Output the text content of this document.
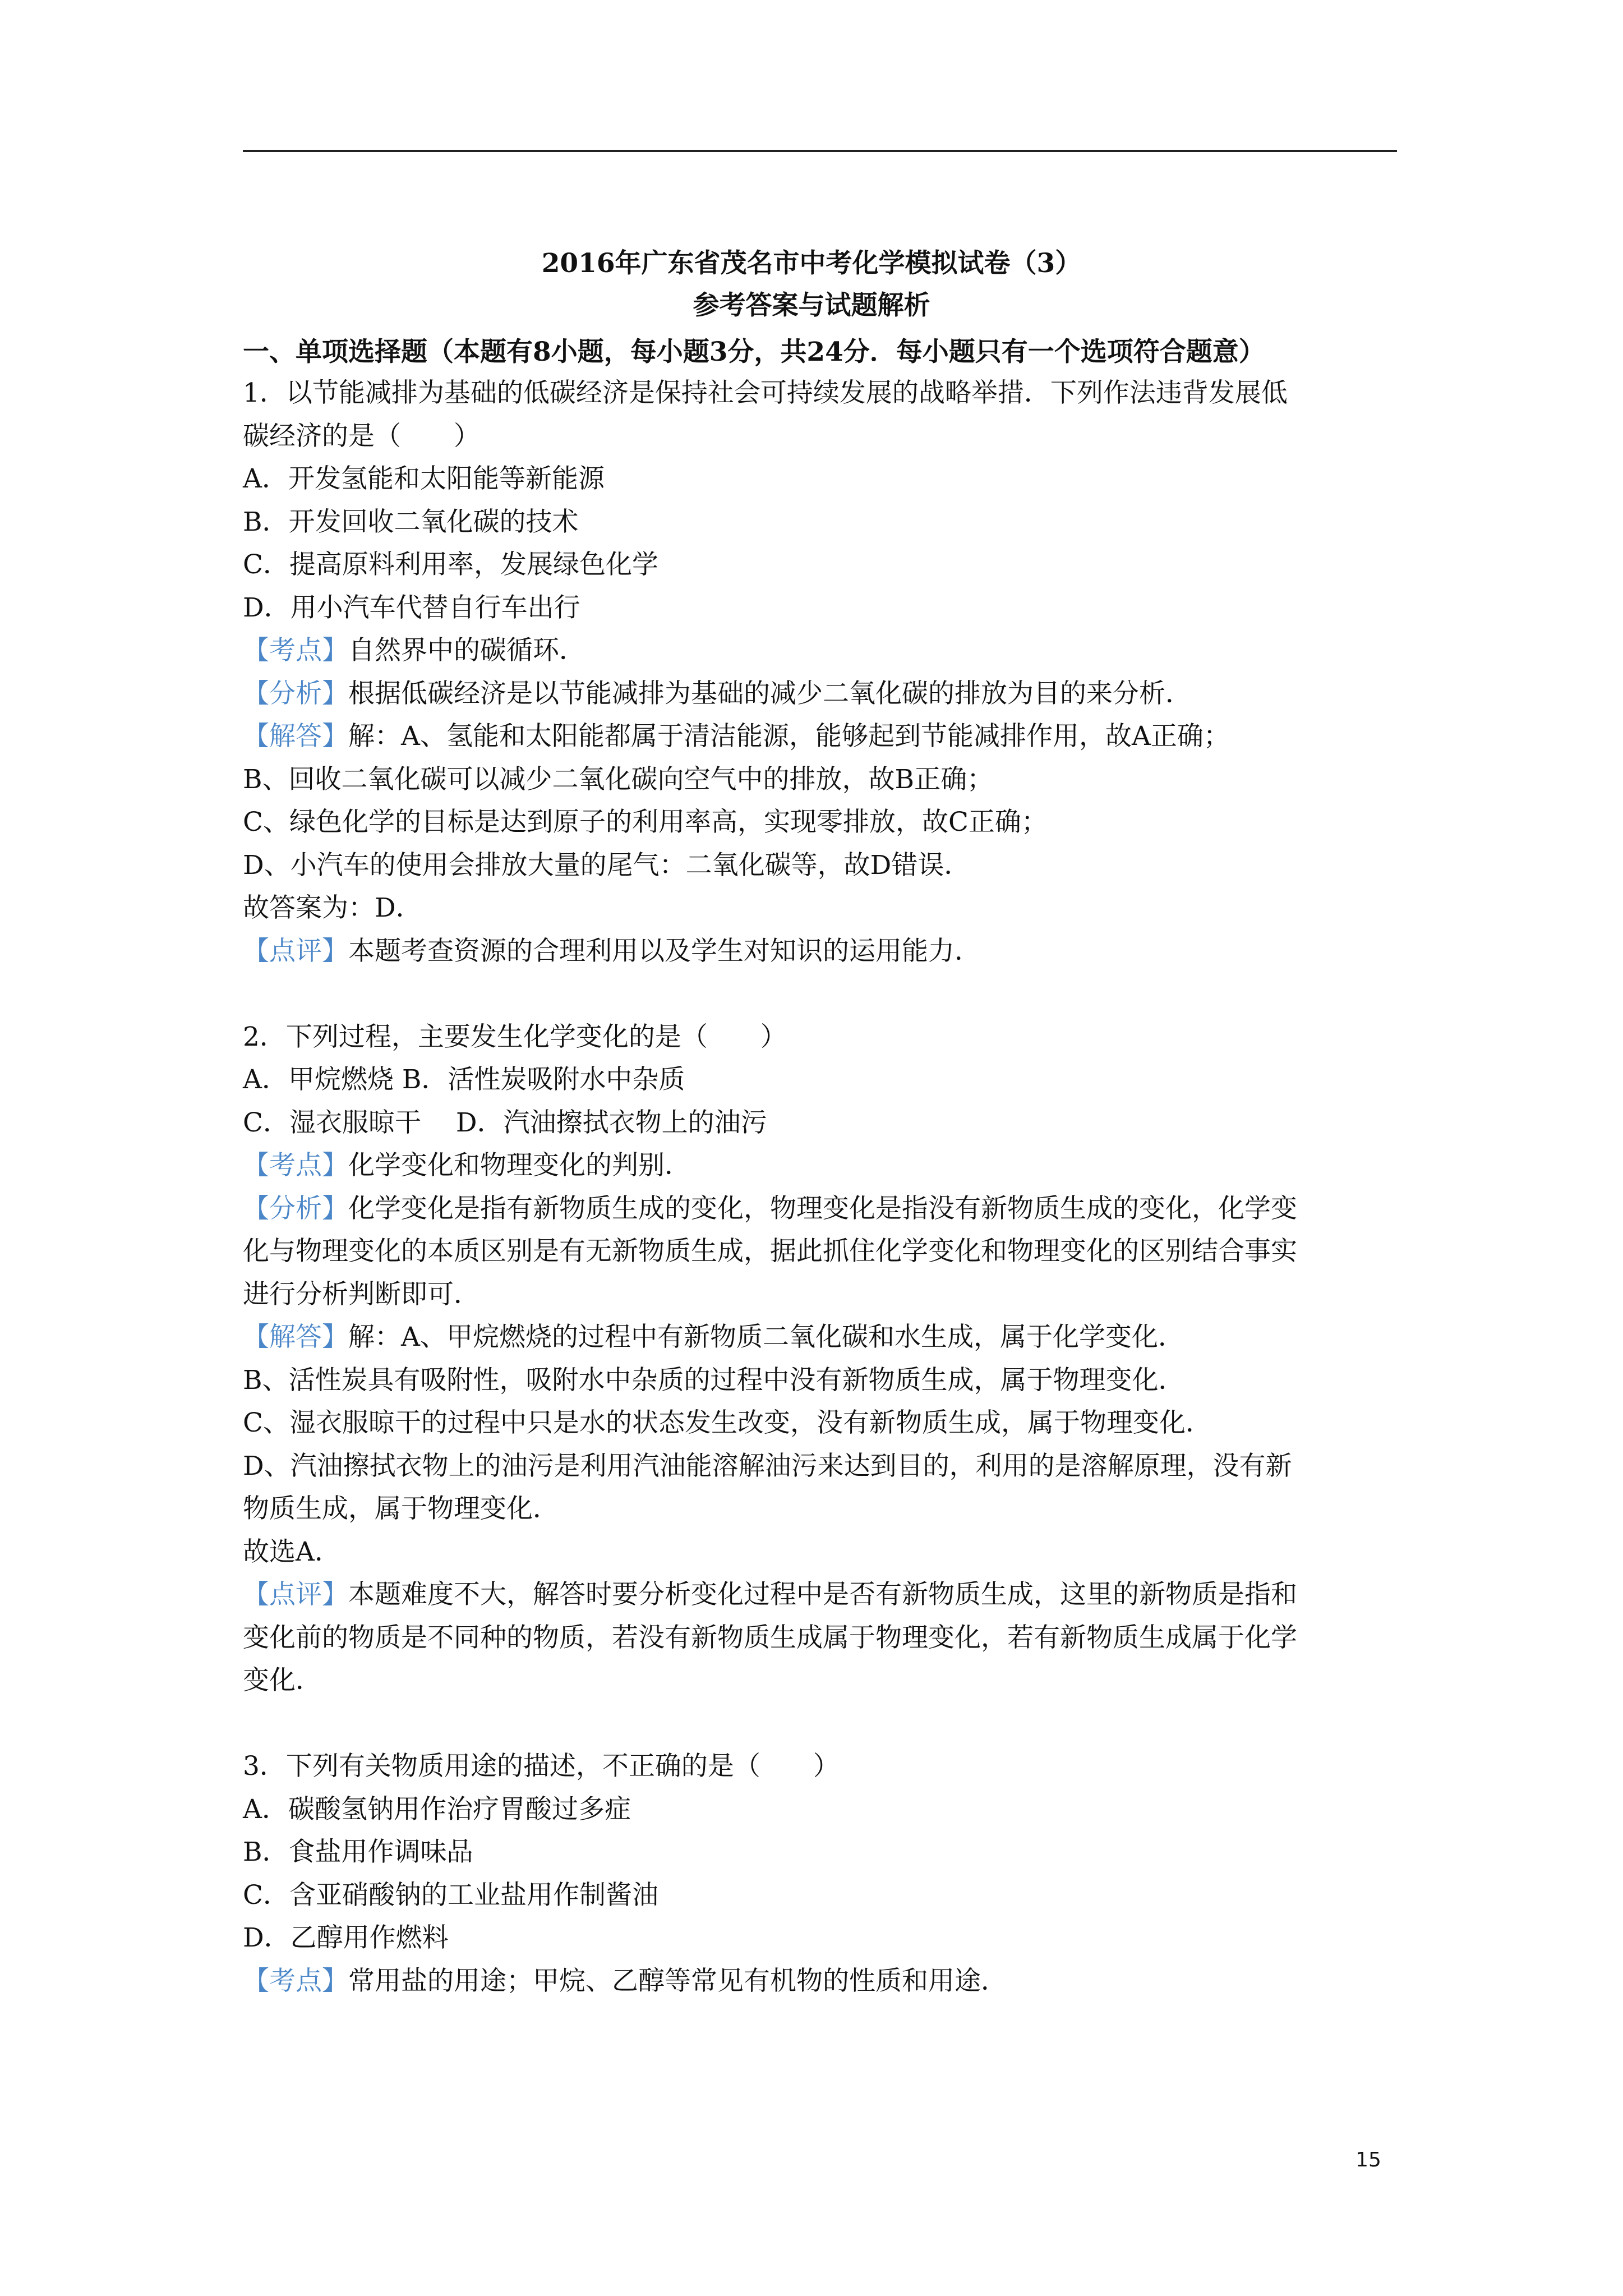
2016年广东省茂名市中考化学模拟试卷（3）
参考答案与试题解析
一、单项选择题（本题有8小题，每小题3分，共24分．每小题只有一个选项符合题意）
1．以节能减排为基础的低碳经济是保持社会可持续发展的战略举措．下列作法违背发展低
碳经济的是（　　）
A．开发氢能和太阳能等新能源
B．开发回收二氧化碳的技术
C．提高原料利用率，发展绿色化学
D．用小汽车代替自行车出行
【考点】自然界中的碳循环．
【分析】根据低碳经济是以节能减排为基础的减少二氧化碳的排放为目的来分析．
【解答】解：A、氢能和太阳能都属于清洁能源，能够起到节能减排作用，故A正确；
B、回收二氧化碳可以减少二氧化碳向空气中的排放，故B正确；
C、绿色化学的目标是达到原子的利用率高，实现零排放，故C正确；
D、小汽车的使用会排放大量的尾气：二氧化碳等，故D错误．
故答案为：D．
【点评】本题考查资源的合理利用以及学生对知识的运用能力．
2．下列过程，主要发生化学变化的是（　　）
A．甲烷燃烧 B．活性炭吸附水中杂质
C．湿衣服晾干　 D．汽油擦拭衣物上的油污
【考点】化学变化和物理变化的判别．
【分析】化学变化是指有新物质生成的变化，物理变化是指没有新物质生成的变化，化学变
化与物理变化的本质区别是有无新物质生成，据此抓住化学变化和物理变化的区别结合事实
进行分析判断即可．
【解答】解：A、甲烷燃烧的过程中有新物质二氧化碳和水生成，属于化学变化．
B、活性炭具有吸附性，吸附水中杂质的过程中没有新物质生成，属于物理变化．
C、湿衣服晾干的过程中只是水的状态发生改变，没有新物质生成，属于物理变化．
D、汽油擦拭衣物上的油污是利用汽油能溶解油污来达到目的，利用的是溶解原理，没有新
物质生成，属于物理变化．
故选A．
【点评】本题难度不大，解答时要分析变化过程中是否有新物质生成，这里的新物质是指和
变化前的物质是不同种的物质，若没有新物质生成属于物理变化，若有新物质生成属于化学
变化．
3．下列有关物质用途的描述，不正确的是（　　）
A．碳酸氢钠用作治疗胃酸过多症
B．食盐用作调味品
C．含亚硝酸钠的工业盐用作制酱油
D．乙醇用作燃料
【考点】常用盐的用途；甲烷、乙醇等常见有机物的性质和用途．
15
